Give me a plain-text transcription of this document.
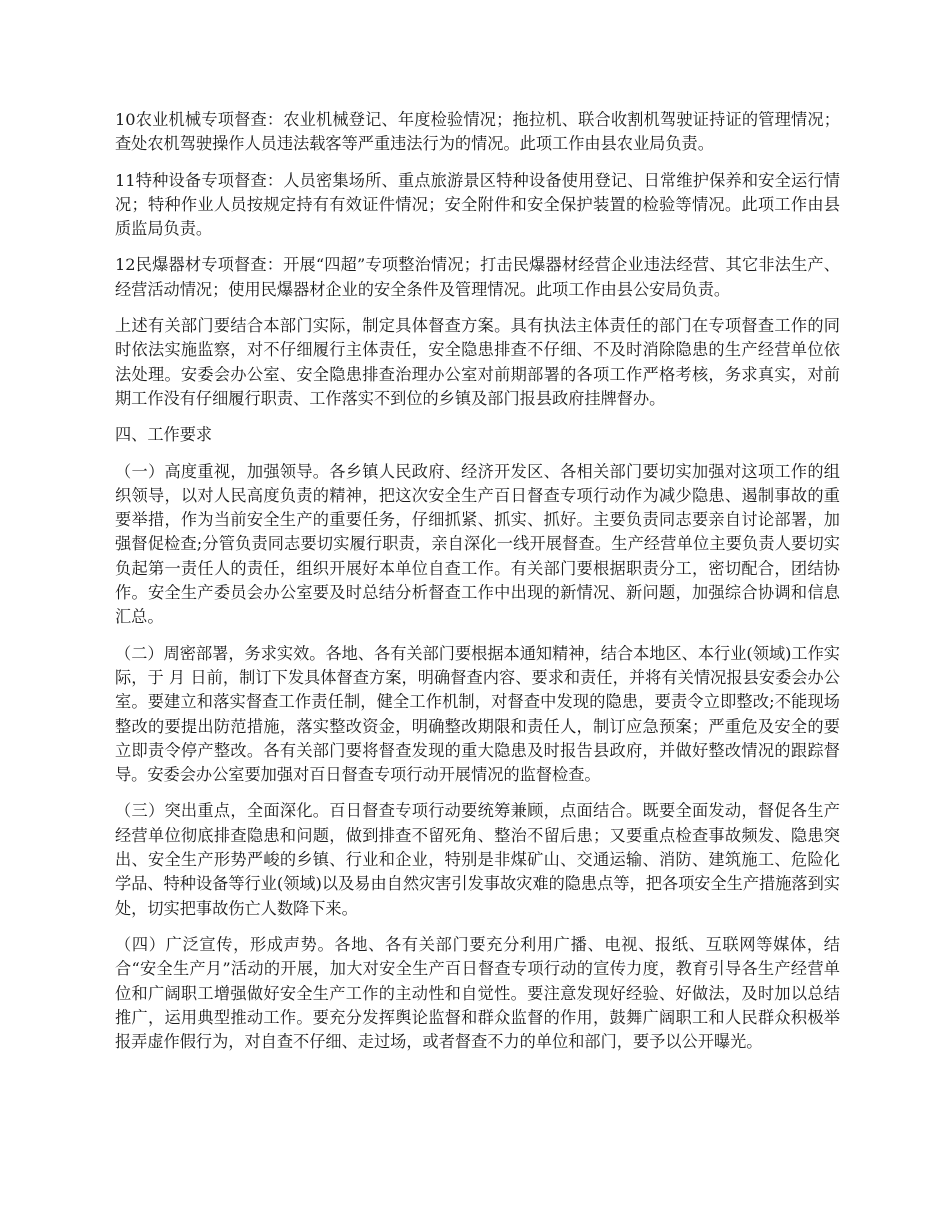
10农业机械专项督查：农业机械登记、年度检验情况；拖拉机、联合收割机驾驶证持证的管理情况；查处农机驾驶操作人员违法载客等严重违法行为的情况。此项工作由县农业局负责。

11特种设备专项督查：人员密集场所、重点旅游景区特种设备使用登记、日常维护保养和安全运行情况；特种作业人员按规定持有有效证件情况；安全附件和安全保护装置的检验等情况。此项工作由县质监局负责。

12民爆器材专项督查：开展“四超”专项整治情况；打击民爆器材经营企业违法经营、其它非法生产、经营活动情况；使用民爆器材企业的安全条件及管理情况。此项工作由县公安局负责。

上述有关部门要结合本部门实际，制定具体督查方案。具有执法主体责任的部门在专项督查工作的同时依法实施监察，对不仔细履行主体责任，安全隐患排查不仔细、不及时消除隐患的生产经营单位依法处理。安委会办公室、安全隐患排查治理办公室对前期部署的各项工作严格考核，务求真实，对前期工作没有仔细履行职责、工作落实不到位的乡镇及部门报县政府挂牌督办。

四、工作要求

（一）高度重视，加强领导。各乡镇人民政府、经济开发区、各相关部门要切实加强对这项工作的组织领导，以对人民高度负责的精神，把这次安全生产百日督查专项行动作为减少隐患、遏制事故的重要举措，作为当前安全生产的重要任务，仔细抓紧、抓实、抓好。主要负责同志要亲自讨论部署，加强督促检查;分管负责同志要切实履行职责，亲自深化一线开展督查。生产经营单位主要负责人要切实负起第一责任人的责任，组织开展好本单位自查工作。有关部门要根据职责分工，密切配合，团结协作。安全生产委员会办公室要及时总结分析督查工作中出现的新情况、新问题，加强综合协调和信息汇总。

（二）周密部署，务求实效。各地、各有关部门要根据本通知精神，结合本地区、本行业(领域)工作实际，于 月 日前，制订下发具体督查方案，明确督查内容、要求和责任，并将有关情况报县安委会办公室。要建立和落实督查工作责任制，健全工作机制，对督查中发现的隐患，要责令立即整改;不能现场整改的要提出防范措施，落实整改资金，明确整改期限和责任人，制订应急预案；严重危及安全的要立即责令停产整改。各有关部门要将督查发现的重大隐患及时报告县政府，并做好整改情况的跟踪督导。安委会办公室要加强对百日督查专项行动开展情况的监督检查。

（三）突出重点，全面深化。百日督查专项行动要统筹兼顾，点面结合。既要全面发动，督促各生产经营单位彻底排查隐患和问题，做到排查不留死角、整治不留后患；又要重点检查事故频发、隐患突出、安全生产形势严峻的乡镇、行业和企业，特别是非煤矿山、交通运输、消防、建筑施工、危险化学品、特种设备等行业(领域)以及易由自然灾害引发事故灾难的隐患点等，把各项安全生产措施落到实处，切实把事故伤亡人数降下来。

（四）广泛宣传，形成声势。各地、各有关部门要充分利用广播、电视、报纸、互联网等媒体，结合“安全生产月”活动的开展，加大对安全生产百日督查专项行动的宣传力度，教育引导各生产经营单位和广阔职工增强做好安全生产工作的主动性和自觉性。要注意发现好经验、好做法，及时加以总结推广，运用典型推动工作。要充分发挥舆论监督和群众监督的作用，鼓舞广阔职工和人民群众积极举报弄虚作假行为，对自查不仔细、走过场，或者督查不力的单位和部门，要予以公开曝光。
